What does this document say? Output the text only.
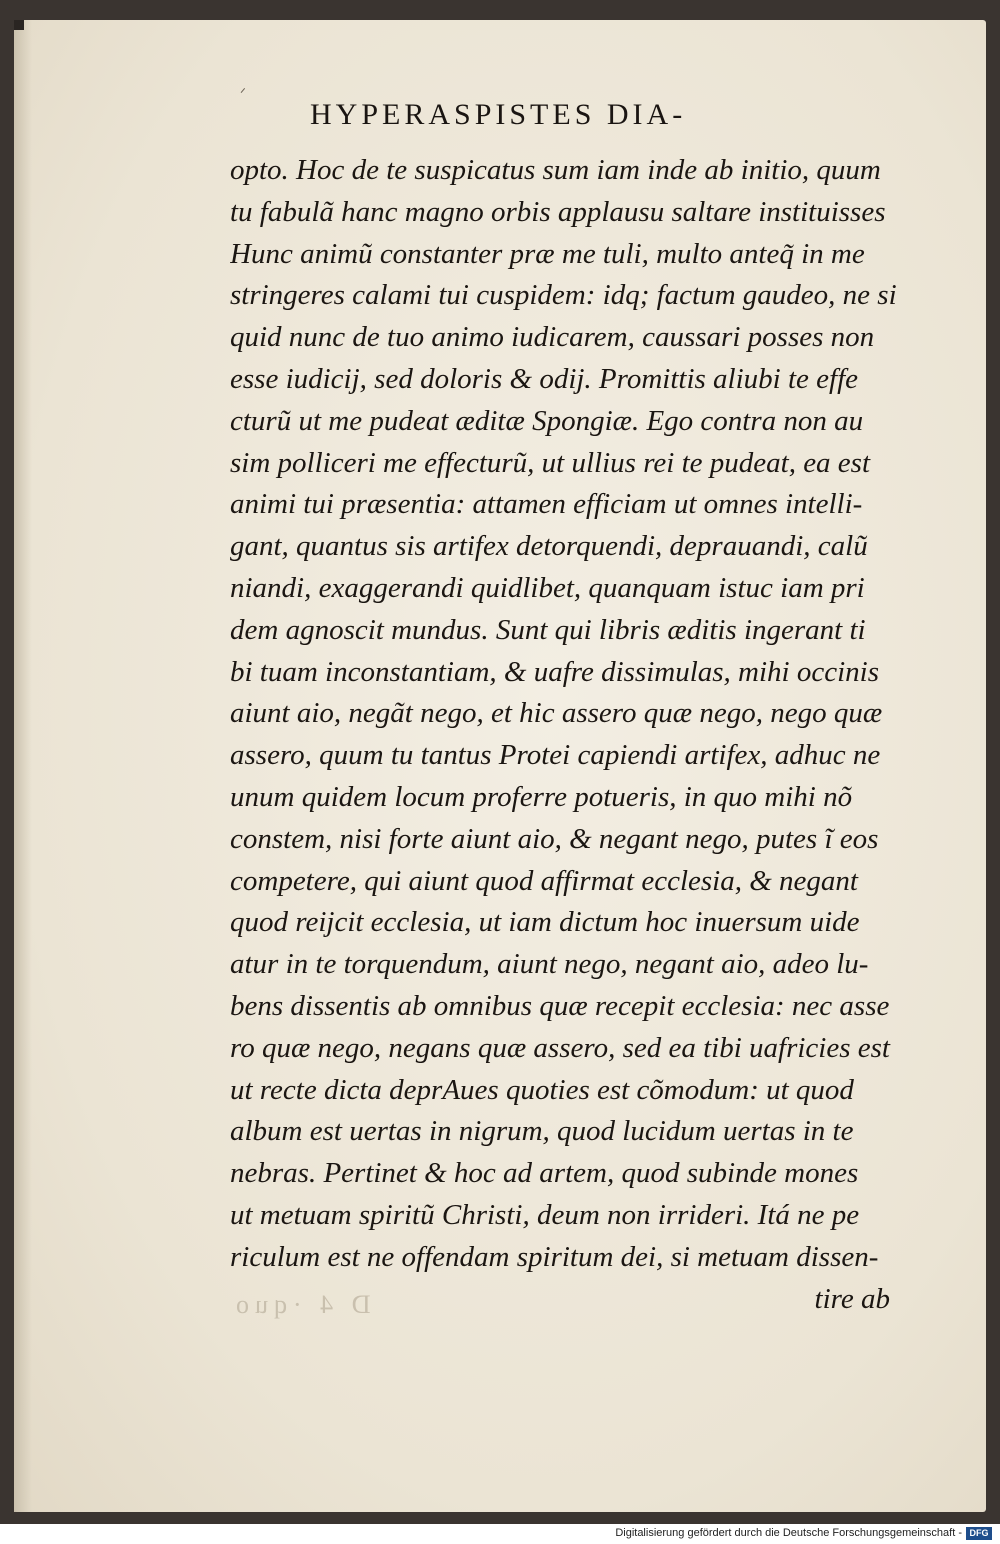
ᐟ
HYPERASPISTES DIA-
opto. Hoc de te suspicatus sum iam inde ab initio, quum
tu fabulã hanc magno orbis applausu saltare instituisses
Hunc animũ constanter præ me tuli, multo anteq̃ in me
stringeres calami tui cuspidem: idq; factum gaudeo, ne si
quid nunc de tuo animo iudicarem, caussari posses non
esse iudicij, sed doloris & odij. Promittis aliubi te effe
cturũ ut me pudeat æditæ Spongiæ. Ego contra non au
sim polliceri me effecturũ, ut ullius rei te pudeat, ea est
animi tui præsentia: attamen efficiam ut omnes intelli-
gant, quantus sis artifex detorquendi, deprauandi, calũ
niandi, exaggerandi quidlibet, quanquam istuc iam pri
dem agnoscit mundus. Sunt qui libris æditis ingerant ti
bi tuam inconstantiam, & uafre dissimulas, mihi occinis
aiunt aio, negãt nego, et hic assero quæ nego, nego quæ
assero, quum tu tantus Protei capiendi artifex, adhuc ne
unum quidem locum proferre potueris, in quo mihi nõ
constem, nisi forte aiunt aio, & negant nego, putes ĩ eos
competere, qui aiunt quod affirmat ecclesia, & negant
quod reijcit ecclesia, ut iam dictum hoc inuersum uide
atur in te torquendum, aiunt nego, negant aio, adeo lu-
bens dissentis ab omnibus quæ recepit ecclesia: nec asse
ro quæ nego, negans quæ assero, sed ea tibi uafricies est
ut recte dicta deprAues quoties est cõmodum: ut quod
album est uertas in nigrum, quod lucidum uertas in te
nebras. Pertinet & hoc ad artem, quod subinde mones
ut metuam spiritũ Christi, deum non irrideri. Itá ne pe
riculum est ne offendam spiritum dei, si metuam dissen-
tire ab
D 4 ·quo
Digitalisierung gefördert durch die Deutsche Forschungsgemeinschaft - DFG
